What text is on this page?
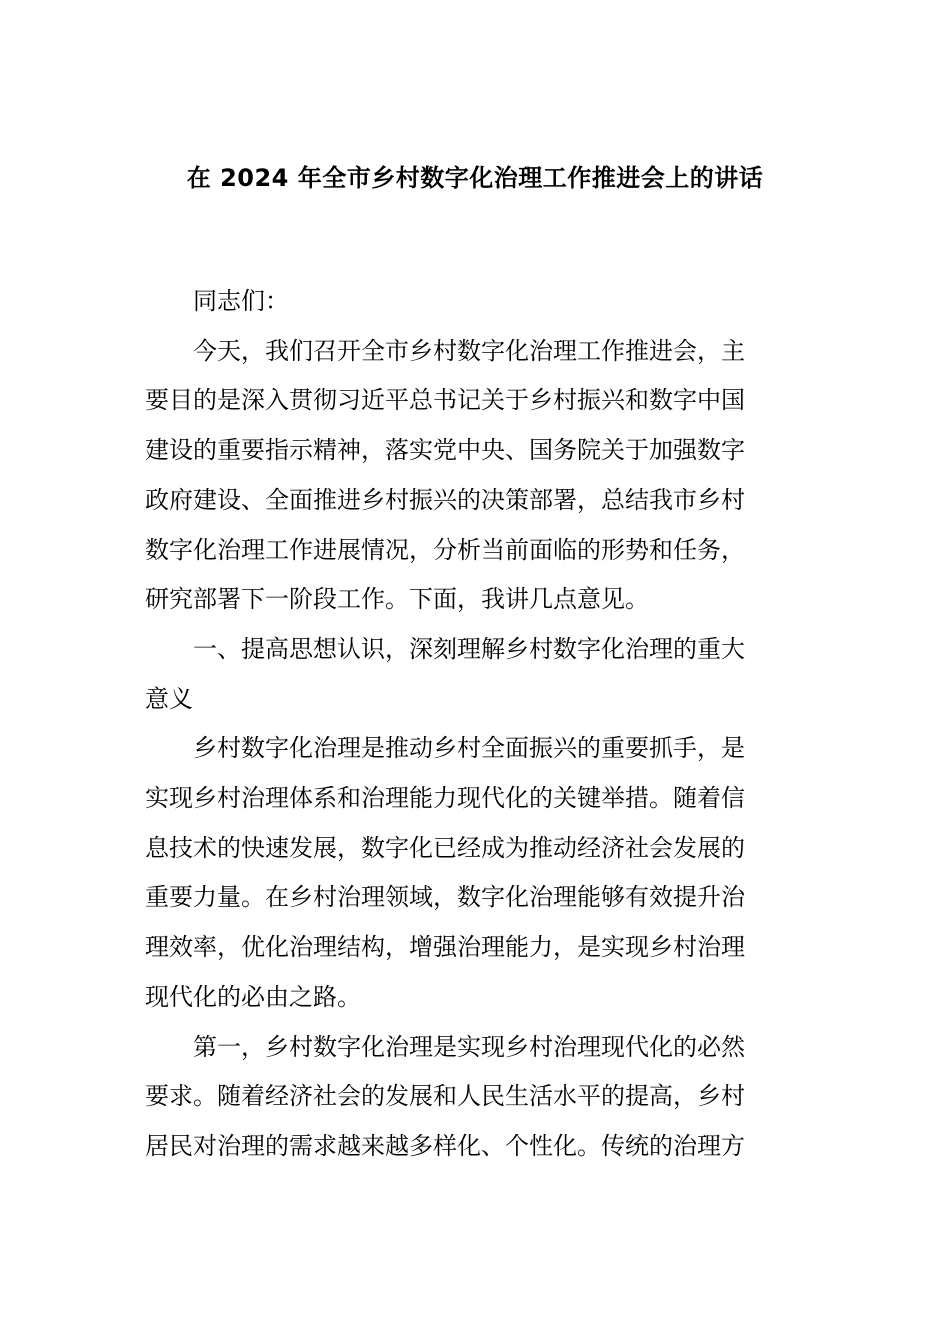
在 2024 年全市乡村数字化治理工作推进会上的讲话

同志们：

今天，我们召开全市乡村数字化治理工作推进会，主
要目的是深入贯彻习近平总书记关于乡村振兴和数字中国
建设的重要指示精神，落实党中央、国务院关于加强数字
政府建设、全面推进乡村振兴的决策部署，总结我市乡村
数字化治理工作进展情况，分析当前面临的形势和任务，
研究部署下一阶段工作。下面，我讲几点意见。

一、提高思想认识，深刻理解乡村数字化治理的重大
意义

乡村数字化治理是推动乡村全面振兴的重要抓手，是
实现乡村治理体系和治理能力现代化的关键举措。随着信
息技术的快速发展，数字化已经成为推动经济社会发展的
重要力量。在乡村治理领域，数字化治理能够有效提升治
理效率，优化治理结构，增强治理能力，是实现乡村治理
现代化的必由之路。

第一，乡村数字化治理是实现乡村治理现代化的必然
要求。随着经济社会的发展和人民生活水平的提高，乡村
居民对治理的需求越来越多样化、个性化。传统的治理方
